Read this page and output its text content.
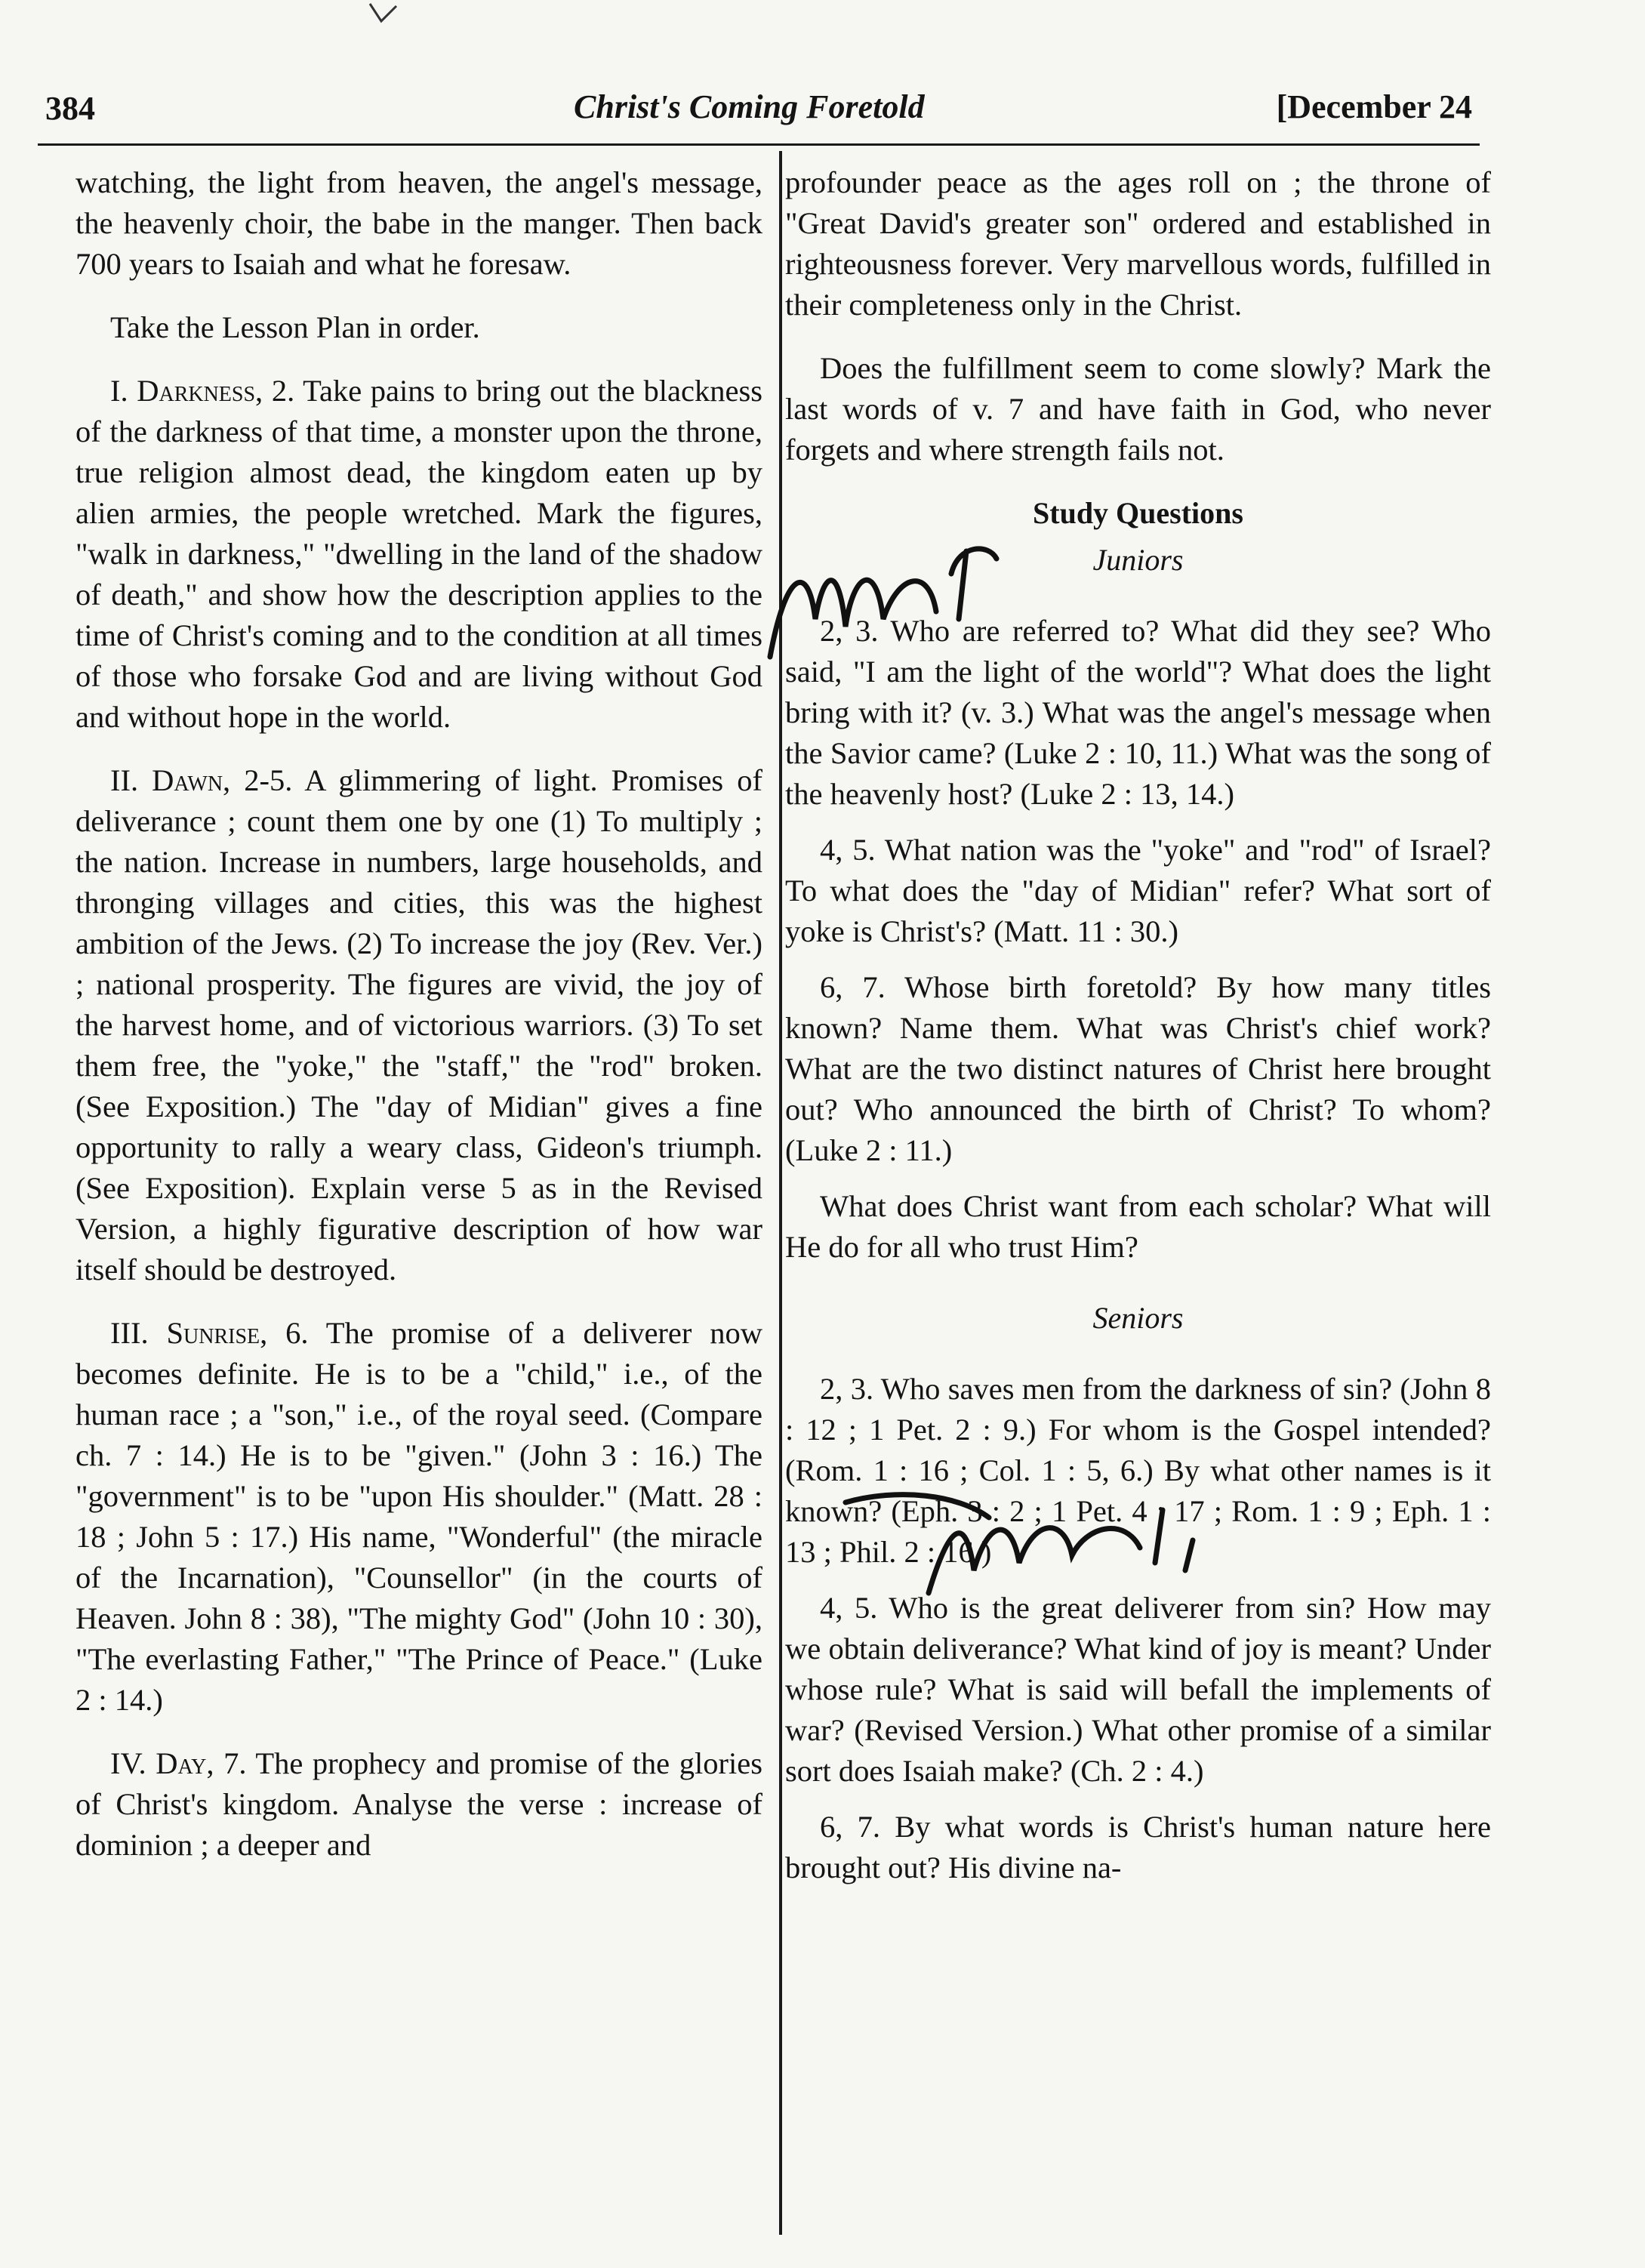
384	Christ's Coming Foretold	[December 24

watching, the light from heaven, the angel's message, the heavenly choir, the babe in the manger. Then back 700 years to Isaiah and what he foresaw.

Take the Lesson Plan in order.

I. Darkness, 2. Take pains to bring out the blackness of the darkness of that time, a monster upon the throne, true religion almost dead, the kingdom eaten up by alien armies, the people wretched. Mark the figures, "walk in darkness," "dwelling in the land of the shadow of death," and show how the description applies to the time of Christ's coming and to the condition at all times of those who forsake God and are living without God and without hope in the world.

II. Dawn, 2-5. A glimmering of light. Promises of deliverance ; count them one by one (1) To multiply ; the nation. Increase in numbers, large households, and thronging villages and cities, this was the highest ambition of the Jews. (2) To increase the joy (Rev. Ver.) ; national prosperity. The figures are vivid, the joy of the harvest home, and of victorious warriors. (3) To set them free, the "yoke," the "staff," the "rod" broken. (See Exposition.) The "day of Midian" gives a fine opportunity to rally a weary class, Gideon's triumph. (See Exposition). Explain verse 5 as in the Revised Version, a highly figurative description of how war itself should be destroyed.

III. Sunrise, 6. The promise of a deliverer now becomes definite. He is to be a "child," i.e., of the human race ; a "son," i.e., of the royal seed. (Compare ch. 7 : 14.) He is to be "given." (John 3 : 16.) The "government" is to be "upon His shoulder." (Matt. 28 : 18 ; John 5 : 17.) His name, "Wonderful" (the miracle of the Incarnation), "Counsellor" (in the courts of Heaven. John 8 : 38), "The mighty God" (John 10 : 30), "The everlasting Father," "The Prince of Peace." (Luke 2 : 14.)

IV. Day, 7. The prophecy and promise of the glories of Christ's kingdom. Analyse the verse : increase of dominion ; a deeper and

profounder peace as the ages roll on ; the throne of "Great David's greater son" ordered and established in righteousness forever. Very marvellous words, fulfilled in their completeness only in the Christ.

Does the fulfillment seem to come slowly? Mark the last words of v. 7 and have faith in God, who never forgets and where strength fails not.

Study Questions
Juniors

2, 3. Who are referred to? What did they see? Who said, "I am the light of the world"? What does the light bring with it? (v. 3.) What was the angel's message when the Savior came? (Luke 2 : 10, 11.) What was the song of the heavenly host? (Luke 2 : 13, 14.)

4, 5. What nation was the "yoke" and "rod" of Israel? To what does the "day of Midian" refer? What sort of yoke is Christ's? (Matt. 11 : 30.)

6, 7. Whose birth foretold? By how many titles known? Name them. What was Christ's chief work? What are the two distinct natures of Christ here brought out? Who announced the birth of Christ? To whom? (Luke 2 : 11.)

What does Christ want from each scholar? What will He do for all who trust Him?

Seniors

2, 3. Who saves men from the darkness of sin? (John 8 : 12 ; 1 Pet. 2 : 9.) For whom is the Gospel intended? (Rom. 1 : 16 ; Col. 1 : 5, 6.) By what other names is it known? (Eph. 3 : 2 ; 1 Pet. 4 : 17 ; Rom. 1 : 9 ; Eph. 1 : 13 ; Phil. 2 : 16.)

4, 5. Who is the great deliverer from sin? How may we obtain deliverance? What kind of joy is meant? Under whose rule? What is said will befall the implements of war? (Revised Version.) What other promise of a similar sort does Isaiah make? (Ch. 2 : 4.)

6, 7. By what words is Christ's human nature here brought out? His divine na-
